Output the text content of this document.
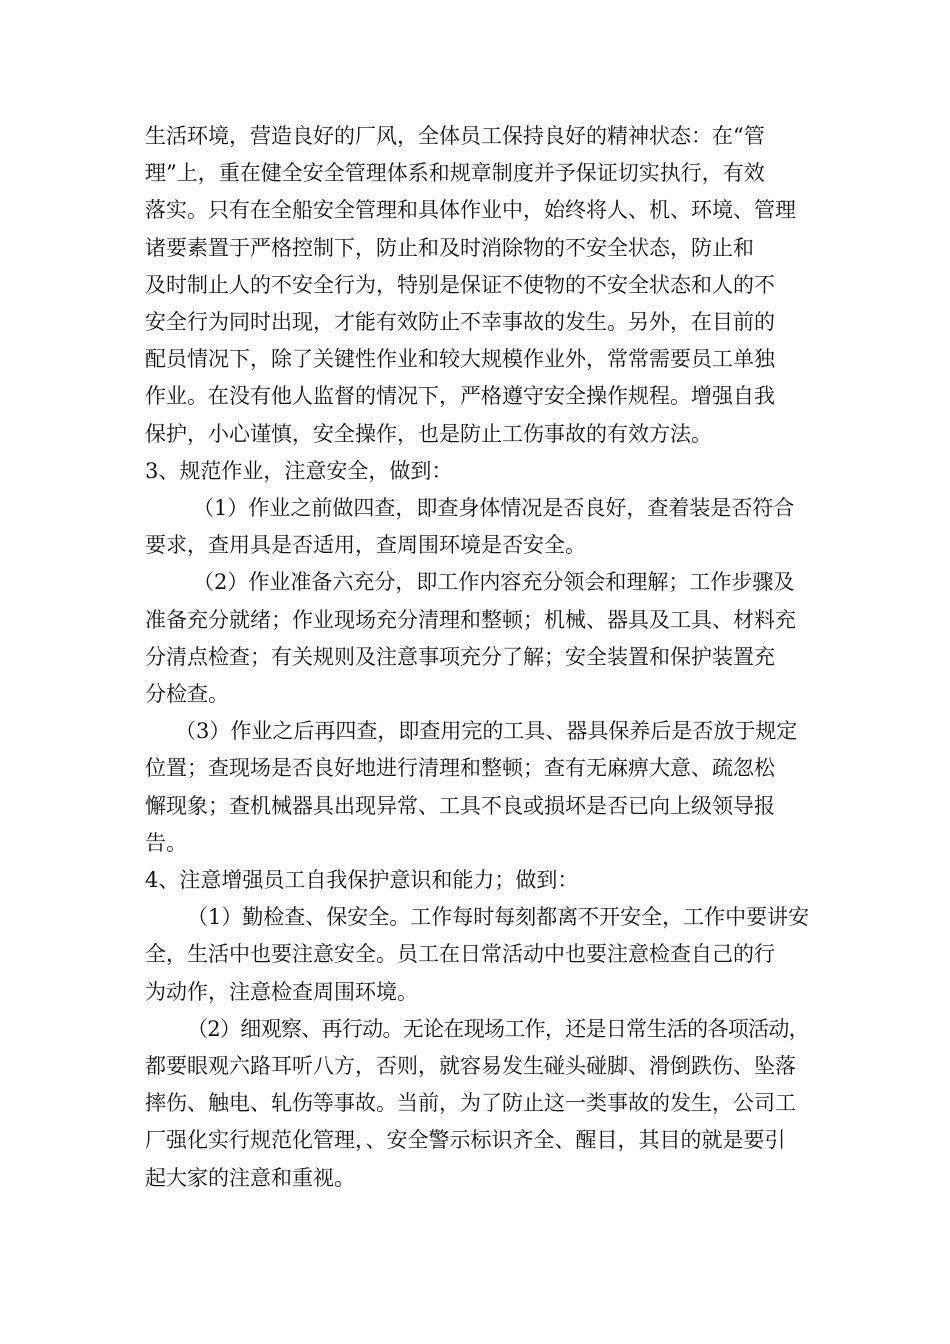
生活环境，营造良好的厂风，全体员工保持良好的精神状态：在“管
理”上，重在健全安全管理体系和规章制度并予保证切实执行，有效
落实。只有在全船安全管理和具体作业中，始终将人、机、环境、管理
诸要素置于严格控制下，防止和及时消除物的不安全状态，防止和
及时制止人的不安全行为，特别是保证不使物的不安全状态和人的不
安全行为同时出现，才能有效防止不幸事故的发生。另外，在目前的
配员情况下，除了关键性作业和较大规模作业外，常常需要员工单独
作业。在没有他人监督的情况下，严格遵守安全操作规程。增强自我
保护，小心谨慎，安全操作，也是防止工伤事故的有效方法。
3、规范作业，注意安全，做到：
（1）作业之前做四查，即查身体情况是否良好，查着装是否符合
要求，查用具是否适用，查周围环境是否安全。
（2）作业准备六充分，即工作内容充分领会和理解；工作步骤及
准备充分就绪；作业现场充分清理和整顿；机械、器具及工具、材料充
分清点检查；有关规则及注意事项充分了解；安全装置和保护装置充
分检查。
（3）作业之后再四查，即查用完的工具、器具保养后是否放于规定
位置；查现场是否良好地进行清理和整顿；查有无麻痹大意、疏忽松
懈现象；查机械器具出现异常、工具不良或损坏是否已向上级领导报
告。
4、注意增强员工自我保护意识和能力；做到：
（1）勤检查、保安全。工作每时每刻都离不开安全，工作中要讲安
全，生活中也要注意安全。员工在日常活动中也要注意检查自己的行
为动作，注意检查周围环境。
（2）细观察、再行动。无论在现场工作，还是日常生活的各项活动，
都要眼观六路耳听八方，否则，就容易发生碰头碰脚、滑倒跌伤、坠落
摔伤、触电、轧伤等事故。当前，为了防止这一类事故的发生，公司工
厂强化实行规范化管理，、安全警示标识齐全、醒目，其目的就是要引
起大家的注意和重视。
